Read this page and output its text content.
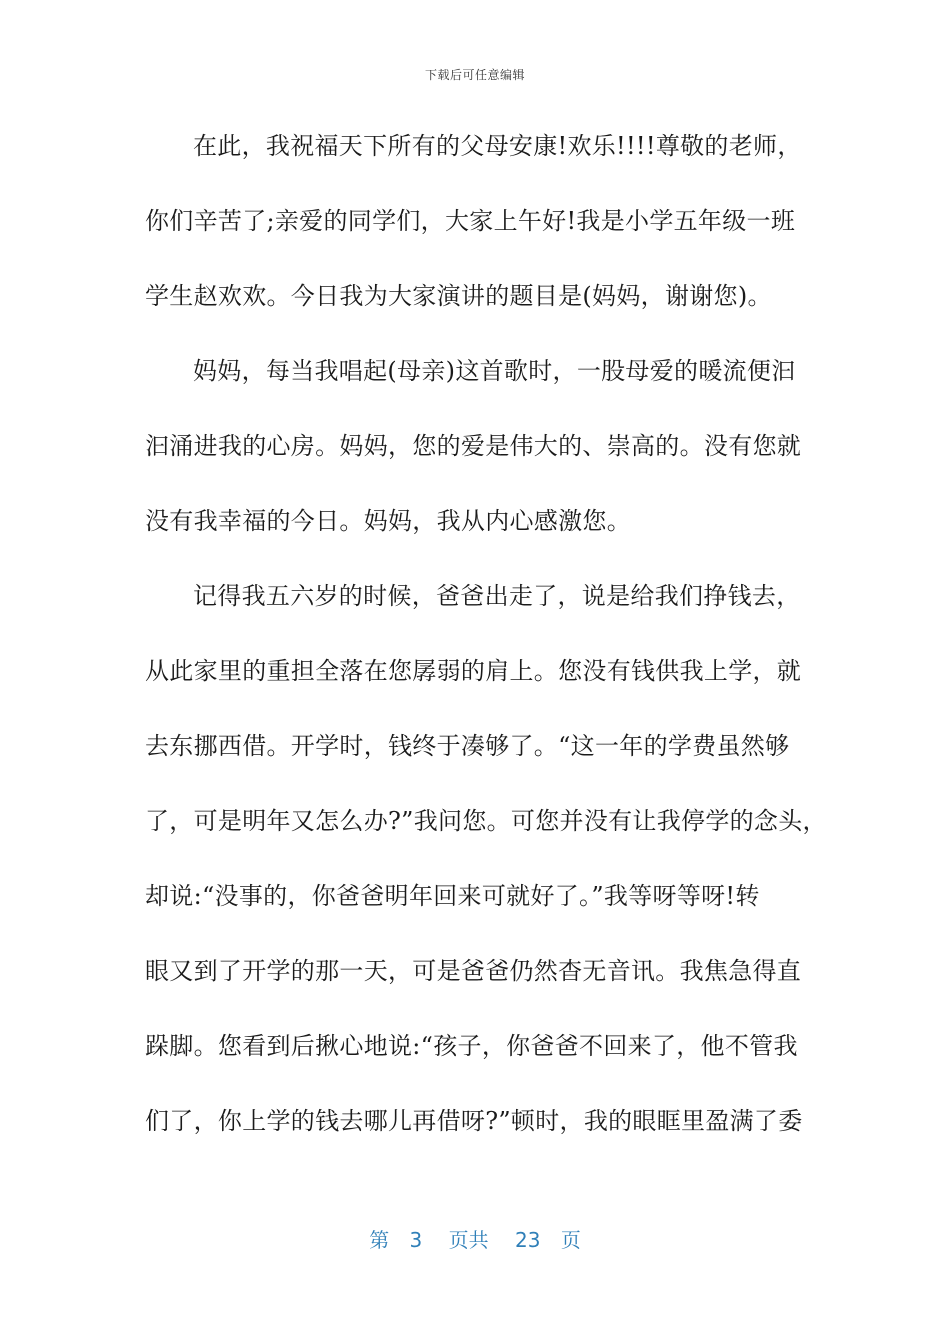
下载后可任意编辑
在此，我祝福天下所有的父母安康!欢乐!!!!尊敬的老师，
你们辛苦了;亲爱的同学们，大家上午好!我是小学五年级一班
学生赵欢欢。今日我为大家演讲的题目是(妈妈，谢谢您)。
妈妈，每当我唱起(母亲)这首歌时，一股母爱的暖流便汩
汩涌进我的心房。妈妈，您的爱是伟大的、崇高的。没有您就
没有我幸福的今日。妈妈，我从内心感激您。
记得我五六岁的时候，爸爸出走了，说是给我们挣钱去，
从此家里的重担全落在您孱弱的肩上。您没有钱供我上学，就
去东挪西借。开学时，钱终于凑够了。“这一年的学费虽然够
了，可是明年又怎么办?”我问您。可您并没有让我停学的念头，
却说:“没事的，你爸爸明年回来可就好了。”我等呀等呀!转
眼又到了开学的那一天，可是爸爸仍然杳无音讯。我焦急得直
跺脚。您看到后揪心地说:“孩子，你爸爸不回来了，他不管我
们了，你上学的钱去哪儿再借呀?”顿时，我的眼眶里盈满了委
第 3 页共 23 页
